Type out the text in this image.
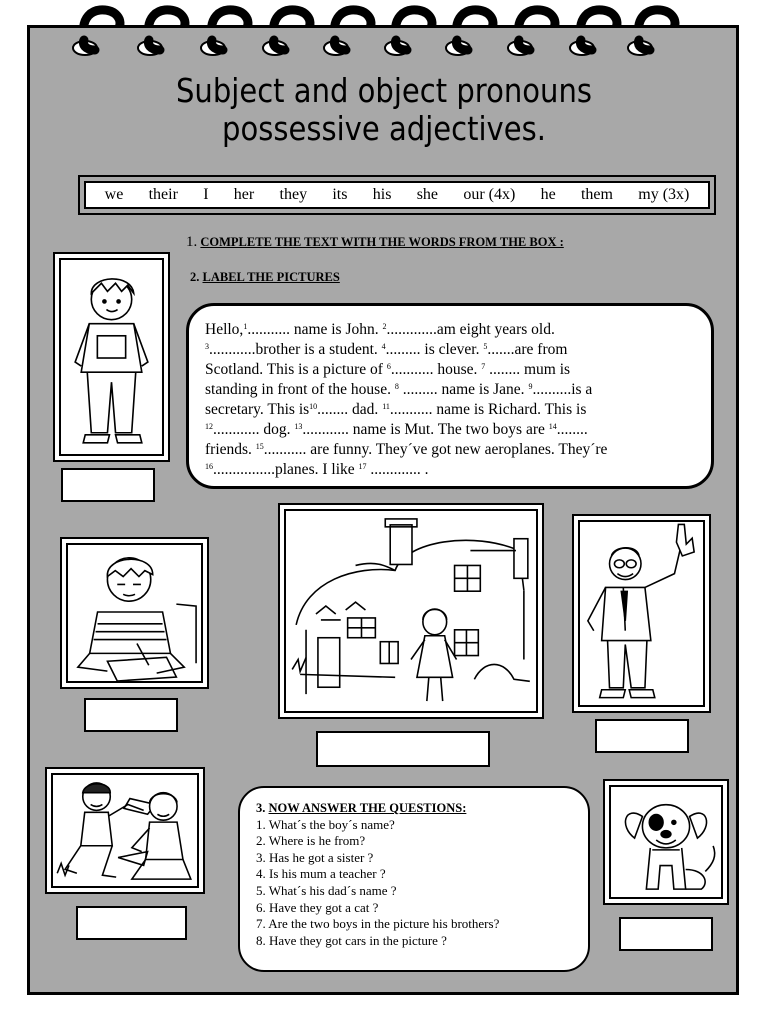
Subject and object pronouns
possessive adjectives.
we their I her they its his she our (4x) he them my (3x)
1. COMPLETE THE TEXT WITH THE WORDS FROM THE BOX :
2. LABEL THE PICTURES

Hello,$^1$........... name is John. $^2$.............am eight years old.

$^3$............brother is a student. $^4$......... is clever. $^5$.......are from

Scotland. This is a picture of $^6$........... house. $^7$ ........ mum is

standing in front of the house. $^8$ ......... name is Jane. $^9$..........is a

secretary. This $is^{10}$........ dad. $^{11}$........... name is Richard. This is

$^{12}$............ dog. $^{13}$............ name is Mut. The two boys are $^{14}$........

friends. $^{15}$........... are funny. They´ve got new aeroplanes. They´re

$^{16}$................planes. I like $^{17}$ ............. .

3. NOW ANSWER THE QUESTIONS:
1. What´s the boy´s name?
2. Where is he from?
3. Has he got a sister ?
4. Is his mum a teacher ?
5. What´s his dad´s name ?
6. Have they got a cat ?
7. Are the two boys in the picture his brothers?
8. Have they got cars in the picture ?
